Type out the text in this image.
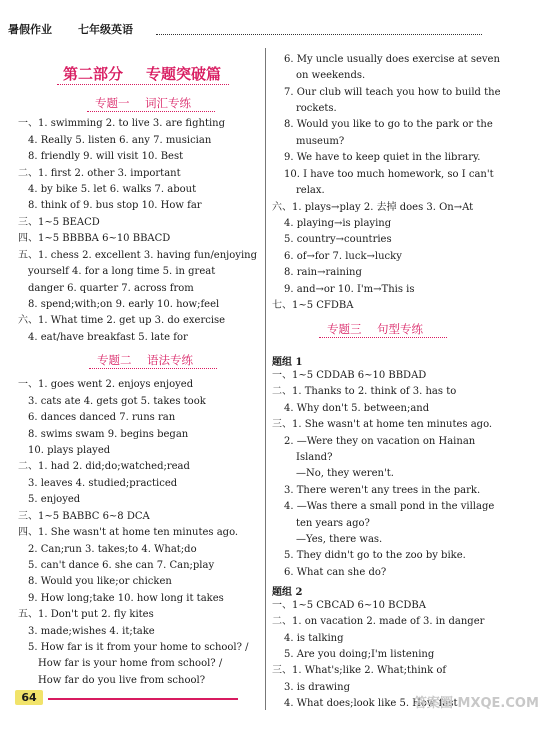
暑假作业 七年级英语
第二部分 专题突破篇
专题一 词汇专练
专题二 语法专练
一、1. swimming 2. to live 3. are fighting
4. Really 5. listen 6. any 7. musician
8. friendly 9. will visit 10. Best
二、1. first 2. other 3. important
4. by bike 5. let 6. walks 7. about
8. think of 9. bus stop 10. How far
三、1~5 BEACD
四、1~5 BBBBA 6~10 BBACD
五、1. chess 2. excellent 3. having fun/enjoying
yourself 4. for a long time 5. in great
danger 6. quarter 7. across from
8. spend;with;on 9. early 10. how;feel
六、1. What time 2. get up 3. do exercise
4. eat/have breakfast 5. late for
一、1. goes went 2. enjoys enjoyed
3. cats ate 4. gets got 5. takes took
6. dances danced 7. runs ran
8. swims swam 9. begins began
10. plays played
二、1. had 2. did;do;watched;read
3. leaves 4. studied;practiced
5. enjoyed
三、1~5 BABBC 6~8 DCA
四、1. She wasn't at home ten minutes ago.
2. Can;run 3. takes;to 4. What;do
5. can't dance 6. she can 7. Can;play
8. Would you like;or chicken
9. How long;take 10. how long it takes
五、1. Don't put 2. fly kites
3. made;wishes 4. it;take
5. How far is it from your home to school? /
How far is your home from school? /
How far do you live from school?
6. My uncle usually does exercise at seven
on weekends.
7. Our club will teach you how to build the
rockets.
8. Would you like to go to the park or the
museum?
9. We have to keep quiet in the library.
10. I have too much homework, so I can't
relax.
六、1. plays→play 2. 去掉 does 3. On→At
4. playing→is playing
5. country→countries
6. of→for 7. luck→lucky
8. rain→raining
9. and→or 10. I'm→This is
七、1~5 CFDBA
专题三 句型专练
题组 1
一、1~5 CDDAB 6~10 BBDAD
二、1. Thanks to 2. think of 3. has to
4. Why don't 5. between;and
三、1. She wasn't at home ten minutes ago.
2. —Were they on vacation on Hainan
Island?
—No, they weren't.
3. There weren't any trees in the park.
4. —Was there a small pond in the village
ten years ago?
—Yes, there was.
5. They didn't go to the zoo by bike.
6. What can she do?
题组 2
一、1~5 CBCAD 6~10 BCDBA
二、1. on vacation 2. made of 3. in danger
4. is talking
5. Are you doing;I'm listening
三、1. What's;like 2. What;think of
3. is drawing
4. What does;look like 5. How fast
64	答案圈 MXQE.COM
